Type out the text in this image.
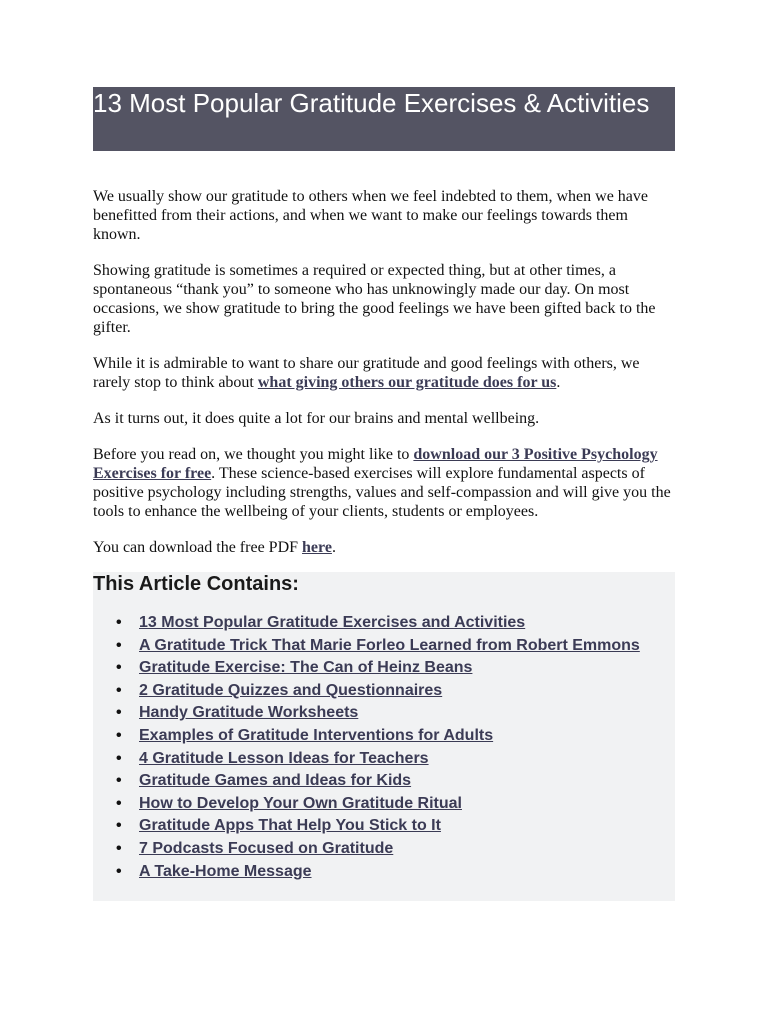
13 Most Popular Gratitude Exercises & Activities

We usually show our gratitude to others when we feel indebted to them, when we have benefitted from their actions, and when we want to make our feelings towards them known.

Showing gratitude is sometimes a required or expected thing, but at other times, a spontaneous “thank you” to someone who has unknowingly made our day. On most occasions, we show gratitude to bring the good feelings we have been gifted back to the gifter.

While it is admirable to want to share our gratitude and good feelings with others, we rarely stop to think about what giving others our gratitude does for us.

As it turns out, it does quite a lot for our brains and mental wellbeing.

Before you read on, we thought you might like to download our 3 Positive Psychology Exercises for free. These science-based exercises will explore fundamental aspects of positive psychology including strengths, values and self-compassion and will give you the tools to enhance the wellbeing of your clients, students or employees.

You can download the free PDF here.

This Article Contains:
• 13 Most Popular Gratitude Exercises and Activities
• A Gratitude Trick That Marie Forleo Learned from Robert Emmons
• Gratitude Exercise: The Can of Heinz Beans
• 2 Gratitude Quizzes and Questionnaires
• Handy Gratitude Worksheets
• Examples of Gratitude Interventions for Adults
• 4 Gratitude Lesson Ideas for Teachers
• Gratitude Games and Ideas for Kids
• How to Develop Your Own Gratitude Ritual
• Gratitude Apps That Help You Stick to It
• 7 Podcasts Focused on Gratitude
• A Take-Home Message
